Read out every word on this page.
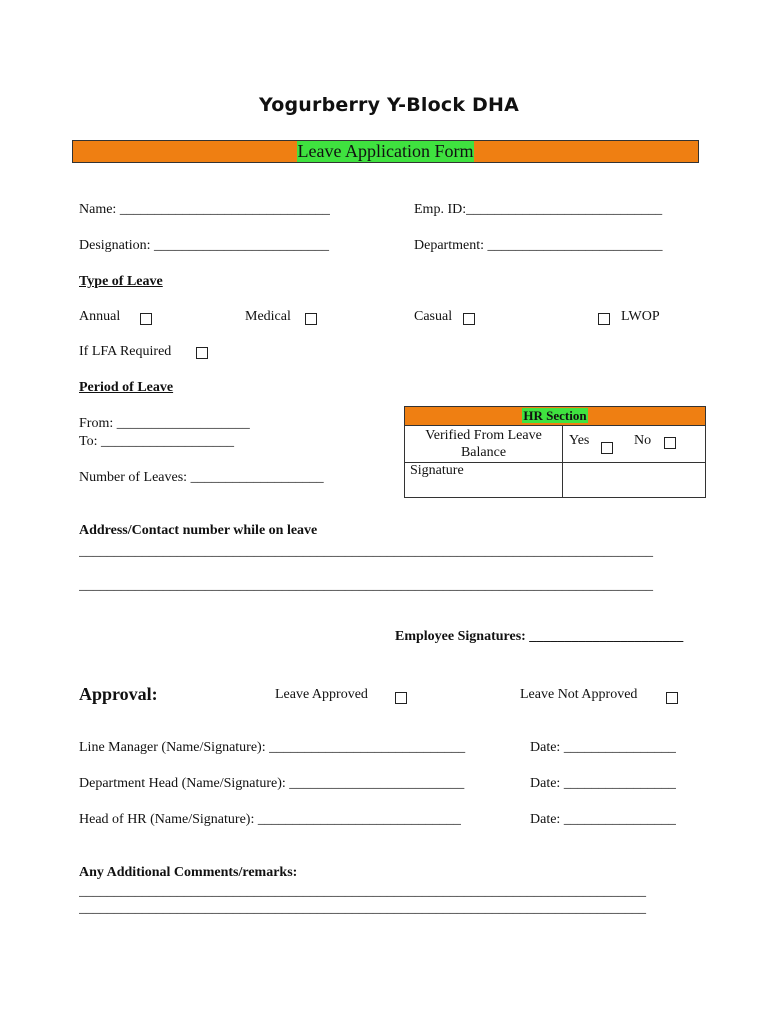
Yogurberry Y-Block DHA
Leave Application Form
Name: ______________________________	Emp. ID:____________________________
Designation: _________________________	Department: _________________________
Type of Leave
Annual	Medical	Casual	LWOP
If LFA Required
Period of Leave
From: ___________________
To: ___________________
Number of Leaves: ___________________
HR Section
Verified From Leave
Balance
Yes	No
Signature
Address/Contact number while on leave
__________________________________________________________________________________
__________________________________________________________________________________
Employee Signatures: ______________________
Approval:	Leave Approved	Leave Not Approved
Line Manager (Name/Signature): ____________________________	Date: ________________
Department Head (Name/Signature): _________________________	Date: ________________
Head of HR (Name/Signature): _____________________________	Date: ________________
Any Additional Comments/remarks:
_________________________________________________________________________________
_________________________________________________________________________________
